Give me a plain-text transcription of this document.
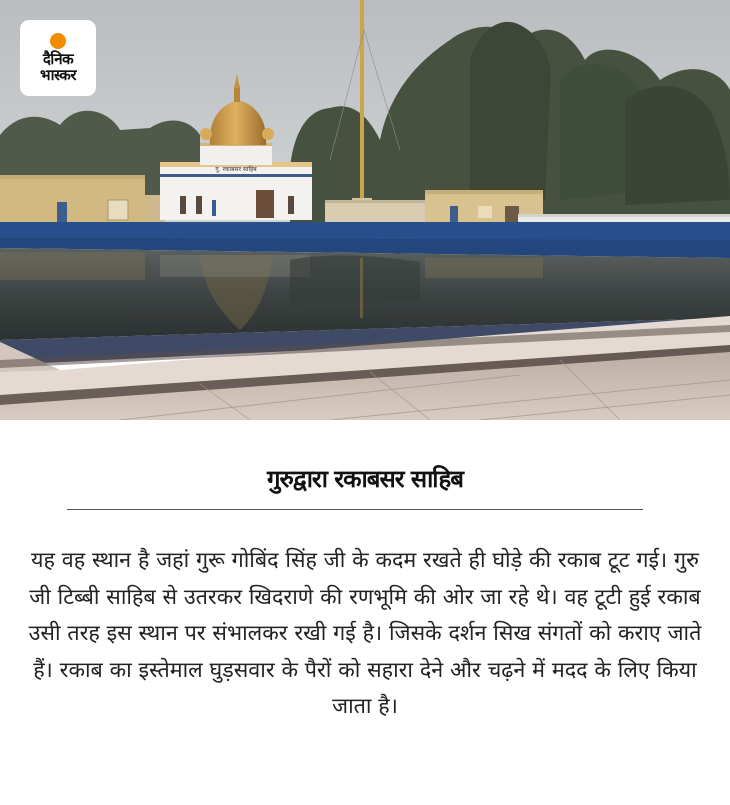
गु. रकाबसर साहिब
दैनिक
भास्कर
गुरुद्वारा रकाबसर साहिब
यह वह स्थान है जहां गुरू गोबिंद सिंह जी के कदम रखते ही घोड़े की रकाब टूट गई। गुरु जी टिब्बी साहिब से उतरकर खिदराणे की रणभूमि की ओर जा रहे थे। वह टूटी हुई रकाब उसी तरह इस स्थान पर संभालकर रखी गई है। जिसके दर्शन सिख संगतों को कराए जाते हैं। रकाब का इस्तेमाल घुड़सवार के पैरों को सहारा देने और चढ़ने में मदद के लिए किया जाता है।
